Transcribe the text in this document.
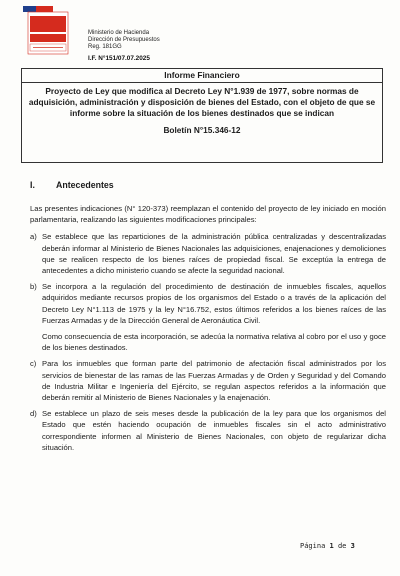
Ministerio de Hacienda
Dirección de Presupuestos
Reg. 181GG
I.F. N°151/07.07.2025
Informe Financiero
Proyecto de Ley que modifica al Decreto Ley N°1.939 de 1977, sobre normas de adquisición, administración y disposición de bienes del Estado, con el objeto de que se informe sobre la situación de los bienes destinados que se indican
Boletín N°15.346-12
I. Antecedentes

Las presentes indicaciones (N° 120-373) reemplazan el contenido del proyecto de ley iniciado en moción parlamentaria, realizando las siguientes modificaciones principales:

a) Se establece que las reparticiones de la administración pública centralizadas y descentralizadas deberán informar al Ministerio de Bienes Nacionales las adquisiciones, enajenaciones y demoliciones que se realicen respecto de los bienes raíces de propiedad fiscal. Se exceptúa la entrega de antecedentes a dicho ministerio cuando se afecte la seguridad nacional.

b) Se incorpora a la regulación del procedimiento de destinación de inmuebles fiscales, aquellos adquiridos mediante recursos propios de los organismos del Estado o a través de la aplicación del Decreto Ley N°1.113 de 1975 y la ley N°16.752, estos últimos referidos a los bienes raíces de las Fuerzas Armadas y de la Dirección General de Aeronáutica Civil.

Como consecuencia de esta incorporación, se adecúa la normativa relativa al cobro por el uso y goce de los bienes destinados.

c) Para los inmuebles que forman parte del patrimonio de afectación fiscal administrados por los servicios de bienestar de las ramas de las Fuerzas Armadas y de Orden y Seguridad y del Comando de Industria Militar e Ingeniería del Ejército, se regulan aspectos referidos a la información que deberán remitir al Ministerio de Bienes Nacionales y la enajenación.

d) Se establece un plazo de seis meses desde la publicación de la ley para que los organismos del Estado que estén haciendo ocupación de inmuebles fiscales sin el acto administrativo correspondiente informen al Ministerio de Bienes Nacionales, con objeto de regularizar dicha situación.

Página 1 de 3
